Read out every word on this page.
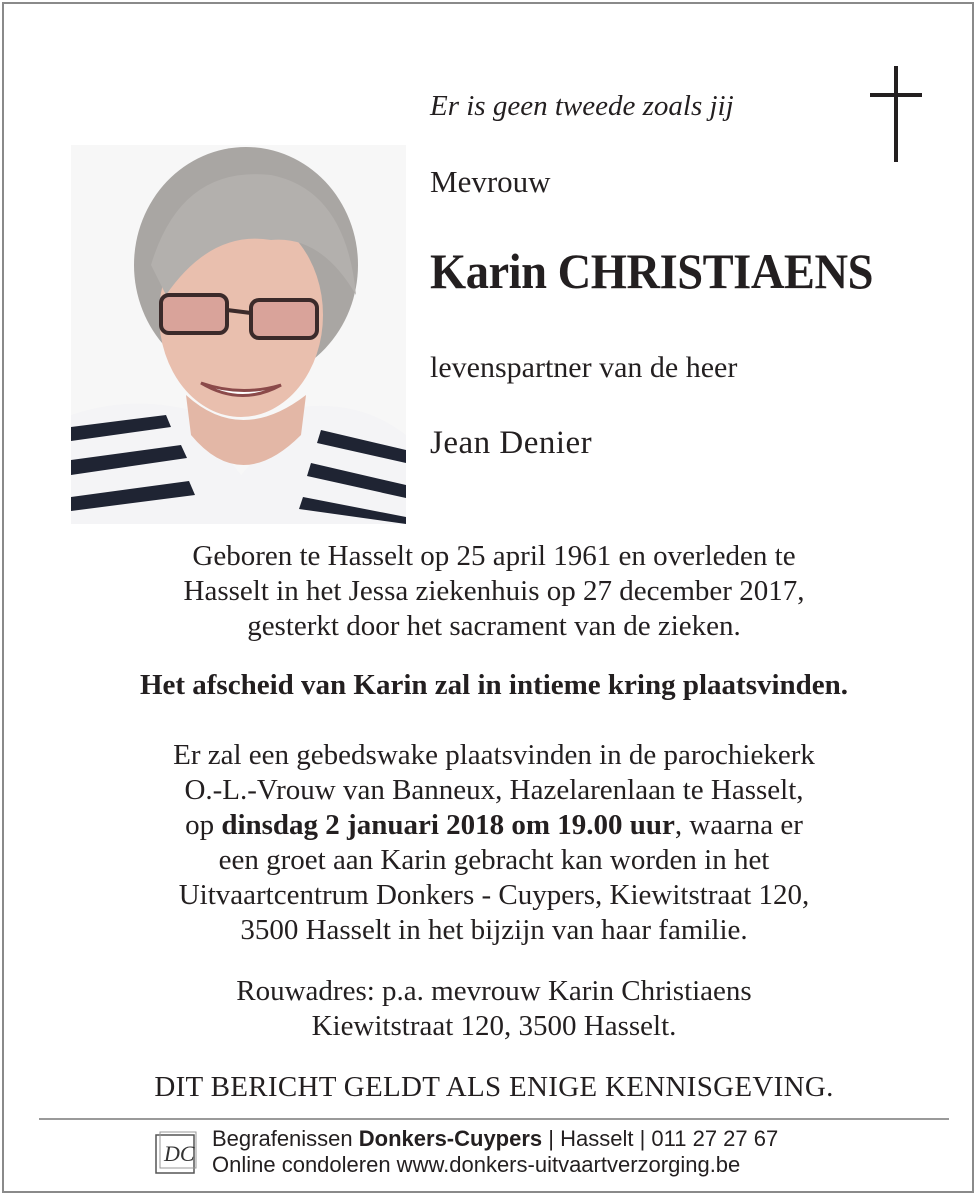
Er is geen tweede zoals jij
Mevrouw
Karin CHRISTIAENS
levenspartner van de heer
Jean Denier
Geboren te Hasselt op 25 april 1961 en overleden te
Hasselt in het Jessa ziekenhuis op 27 december 2017,
gesterkt door het sacrament van de zieken.
Het afscheid van Karin zal in intieme kring plaatsvinden.
Er zal een gebedswake plaatsvinden in de parochiekerk
O.-L.-Vrouw van Banneux, Hazelarenlaan te Hasselt,
op dinsdag 2 januari 2018 om 19.00 uur, waarna er
een groet aan Karin gebracht kan worden in het
Uitvaartcentrum Donkers - Cuypers, Kiewitstraat 120,
3500 Hasselt in het bijzijn van haar familie.
Rouwadres: p.a. mevrouw Karin Christiaens
Kiewitstraat 120, 3500 Hasselt.
DIT BERICHT GELDT ALS ENIGE KENNISGEVING.
DC
Begrafenissen Donkers-Cuypers | Hasselt | 011 27 27 67
Online condoleren www.donkers-uitvaartverzorging.be
